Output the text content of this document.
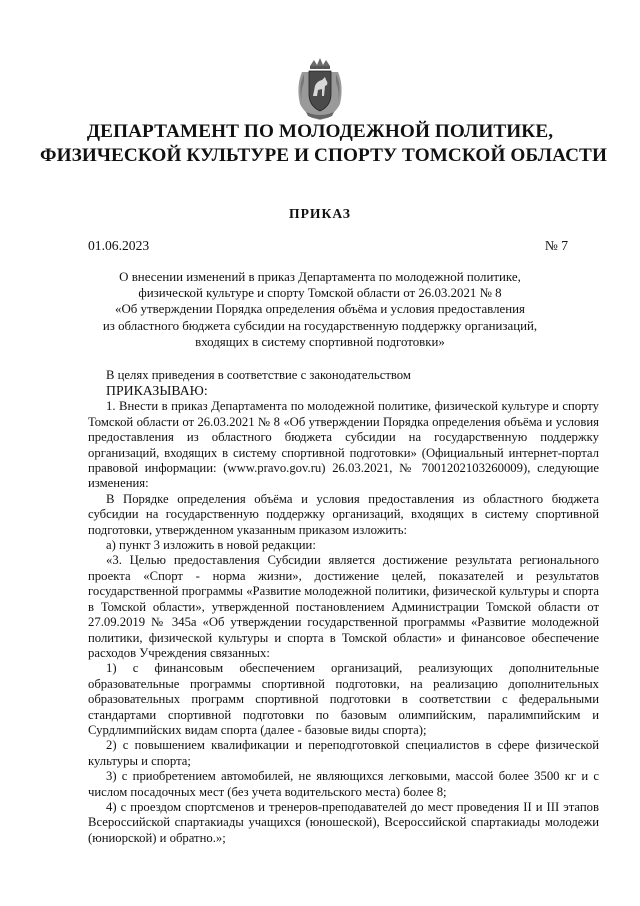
ДЕПАРТАМЕНТ ПО МОЛОДЕЖНОЙ ПОЛИТИКЕ,
ФИЗИЧЕСКОЙ КУЛЬТУРЕ И СПОРТУ ТОМСКОЙ ОБЛАСТИ
ПРИКАЗ
01.06.2023	№ 7
О внесении изменений в приказ Департамента по молодежной политике,
физической культуре и спорту Томской области от 26.03.2021 № 8
«Об утверждении Порядка определения объёма и условия предоставления
из областного бюджета субсидии на государственную поддержку организаций,
входящих в систему спортивной подготовки»

В целях приведения в соответствие с законодательством

ПРИКАЗЫВАЮ:

1. Внести в приказ Департамента по молодежной политике, физической культуре и спорту Томской области от 26.03.2021 № 8 «Об утверждении Порядка определения объёма и условия предоставления из областного бюджета субсидии на государственную поддержку организаций, входящих в систему спортивной подготовки» (Официальный интернет-портал правовой информации: (www.pravo.gov.ru) 26.03.2021, № 7001202103260009), следующие изменения:

В Порядке определения объёма и условия предоставления из областного бюджета субсидии на государственную поддержку организаций, входящих в систему спортивной подготовки, утвержденном указанным приказом изложить:

а) пункт 3 изложить в новой редакции:

«3. Целью предоставления Субсидии является достижение результата регионального проекта «Спорт - норма жизни», достижение целей, показателей и результатов государственной программы «Развитие молодежной политики, физической культуры и спорта в Томской области», утвержденной постановлением Администрации Томской области от 27.09.2019 № 345а «Об утверждении государственной программы «Развитие молодежной политики, физической культуры и спорта в Томской области» и финансовое обеспечение расходов Учреждения связанных:

1) с финансовым обеспечением организаций, реализующих дополнительные образовательные программы спортивной подготовки, на реализацию дополнительных образовательных программ спортивной подготовки в соответствии с федеральными стандартами спортивной подготовки по базовым олимпийским, паралимпийским и Сурдлимпийских видам спорта (далее - базовые виды спорта);

2) с повышением квалификации и переподготовкой специалистов в сфере физической культуры и спорта;

3) с приобретением автомобилей, не являющихся легковыми, массой более 3500 кг и с числом посадочных мест (без учета водительского места) более 8;

4) с проездом спортсменов и тренеров-преподавателей до мест проведения II и III этапов Всероссийской спартакиады учащихся (юношеской), Всероссийской спартакиады молодежи (юниорской) и обратно.»;
